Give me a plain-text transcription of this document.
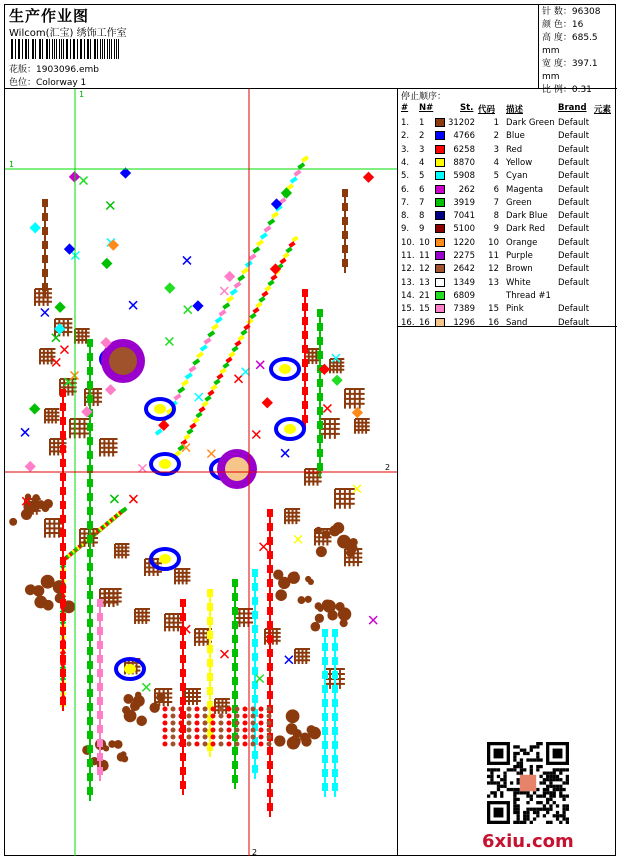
生产作业图
Wilcom(汇宝) 绣饰工作室
花版：1903096.emb
色位：Colorway 1
针 数：96308
颜 色：16
高 度：685.5 mm
宽 度：397.1 mm
比 例：0.31
1
1
2
2
停止顺序：
# N#	St. 代码 描述	Brand 元素
1. 1	31202 1 Dark Green Default
2. 2	4766 2 Blue	Default
3. 3	6258 3 Red	Default
4. 4	8870 4 Yellow	Default
5. 5	5908 5 Cyan	Default
6. 6	262 6 Magenta Default
7. 7	3919 7 Green	Default
8. 8	7041 8 Dark Blue Default
9. 9	5100 9 Dark Red Default
10. 10	1220 10 Orange Default
11. 11	2275 11 Purple	Default
12. 12	2642 12 Brown	Default
13. 13	1349 13 White	Default
14. 21	6809	Thread #1
15. 15	7389 15 Pink	Default
16. 16	1296 16 Sand	Default
6xiu.com
